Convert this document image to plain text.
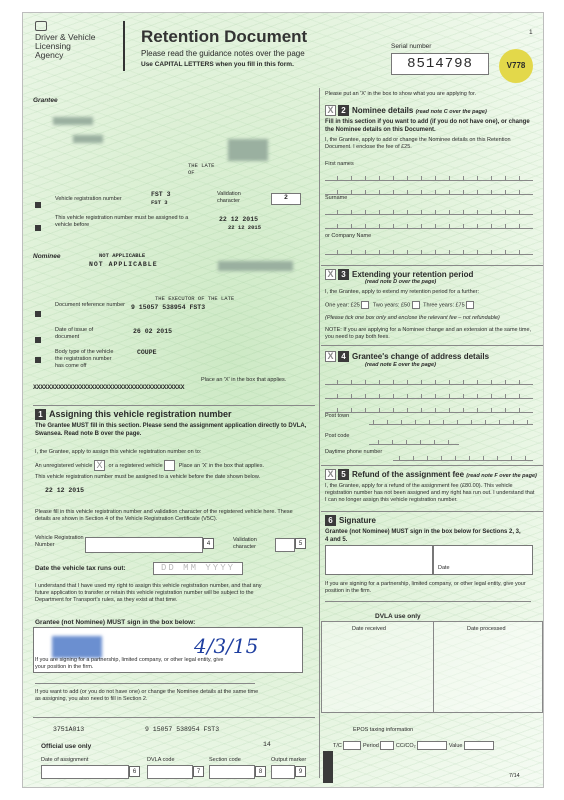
Driver & Vehicle
Licensing
Agency
Retention Document
Please read the guidance notes over the page
Use CAPITAL LETTERS when you fill in this form.
Serial number
8514798	V778
1
Grantee
THE LATE
OF
Vehicle registration number
FST 3
FST 3
Validation character	2
This vehicle registration number must be assigned to a vehicle before
22 12 2015
22 12 2015
Nominee	NOT APPLICABLE
NOT APPLICABLE
Document reference number
THE EXECUTOR OF THE LATE
9 15057 538954 FST3
Date of issue of document
26 02 2015
Body type of the vehicle the registration number has come off
COUPE
Place an 'X' in the box that applies.
XXXXXXXXXXXXXXXXXXXXXXXXXXXXXXXXXXXXXXXXXX
1 Assigning this vehicle registration number
The Grantee MUST fill in this section. Please send the assignment application directly to DVLA, Swansea. Read note B over the page.
I, the Grantee, apply to assign this vehicle registration number on to:
An unregistered vehicle X or a registered vehicle	Place an 'X' in the box that applies.
This vehicle registration number must be assigned to a vehicle before the date shown below.
22 12 2015
Please fill in this vehicle registration number and validation character of the registered vehicle here. These details are shown in Section 4 of the Vehicle Registration Certificate (V5C).
Vehicle Registration Number	4
Validation character	5
Date the vehicle tax runs out:	DD MM YYYY
I understand that I have used my right to assign this vehicle registration number, and that any future application to transfer or retain this vehicle registration number will be subject to the Department for Transport's rules, as they exist at that time.
Grantee (not Nominee) MUST sign in the box below:
4/3/15
If you are signing for a partnership, limited company, or other legal entity, give your position in the firm.
If you want to add (or you do not have one) or change the Nominee details at the same time as assigning, you also need to fill in Section 2.
3751A013	9 15057 538954 FST3
Official use only	14
Date of assignment
6
DVLA code
7
Section code
8
Output marker
9
7/14
Please put an 'X' in the box to show what you are applying for.
X 2 Nominee details (read note C over the page)
Fill in this section if you want to add (if you do not have one), or change the Nominee details on this Document.
I, the Grantee, apply to add or change the Nominee details on this Retention Document. I enclose the fee of £25.
First names
Surname
or Company Name
X 3 Extending your retention period
(read note D over the page)
I, the Grantee, apply to extend my retention period for a further:
One year: £25 Two years: £50 Three years: £75
(Please tick one box only and enclose the relevant fee – not refundable)
NOTE: If you are applying for a Nominee change and an extension at the same time, you need to pay both fees.
X 4 Grantee's change of address details
(read note E over the page)
Post town
Post code
Daytime phone number
X 5 Refund of the assignment fee (read note F over the page)
I, the Grantee, apply for a refund of the assignment fee (£80.00). This vehicle registration number has not been assigned and my right has run out. I understand that I can no longer assign this vehicle registration number.
6 Signature
Grantee (not Nominee) MUST sign in the box below for Sections 2, 3, 4 and 5.
Date
If you are signing for a partnership, limited company, or other legal entity, give your position in the firm.
DVLA use only
Date received	Date processed
EPOS taxing information
T/C	Period	CC/CO₂	Value
